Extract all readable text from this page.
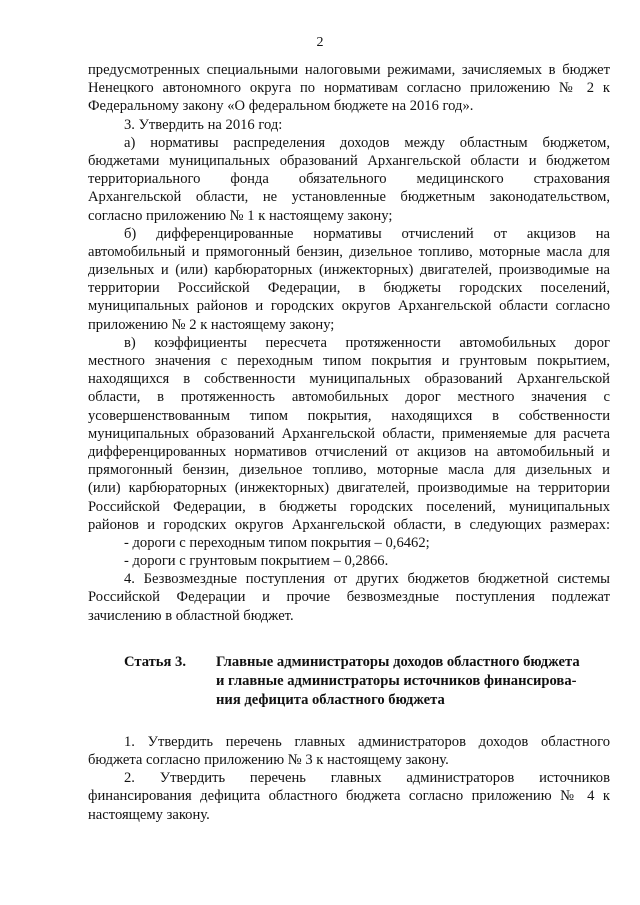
2
предусмотренных специальными налоговыми режимами, зачисляемых в бюджет
Ненецкого автономного округа по нормативам согласно приложению № 2 к
Федеральному закону «О федеральном бюджете на 2016 год».
3. Утвердить на 2016 год:
а) нормативы распределения доходов между областным бюджетом,
бюджетами муниципальных образований Архангельской области и бюджетом
территориального фонда обязательного медицинского страхования
Архангельской области, не установленные бюджетным законодательством,
согласно приложению № 1 к настоящему закону;
б) дифференцированные нормативы отчислений от акцизов на
автомобильный и прямогонный бензин, дизельное топливо, моторные масла для
дизельных и (или) карбюраторных (инжекторных) двигателей, производимые на
территории Российской Федерации, в бюджеты городских поселений,
муниципальных районов и городских округов Архангельской области согласно
приложению № 2 к настоящему закону;
в) коэффициенты пересчета протяженности автомобильных дорог
местного значения с переходным типом покрытия и грунтовым покрытием,
находящихся в собственности муниципальных образований Архангельской
области, в протяженность автомобильных дорог местного значения с
усовершенствованным типом покрытия, находящихся в собственности
муниципальных образований Архангельской области, применяемые для расчета
дифференцированных нормативов отчислений от акцизов на автомобильный и
прямогонный бензин, дизельное топливо, моторные масла для дизельных и
(или) карбюраторных (инжекторных) двигателей, производимые на территории
Российской Федерации, в бюджеты городских поселений, муниципальных
районов и городских округов Архангельской области, в следующих размерах:
- дороги с переходным типом покрытия – 0,6462;
- дороги с грунтовым покрытием – 0,2866.
4. Безвозмездные поступления от других бюджетов бюджетной системы
Российской Федерации и прочие безвозмездные поступления подлежат
зачислению в областной бюджет.
Статья 3. Главные администраторы доходов областного бюджета
и главные администраторы источников финансирова-
ния дефицита областного бюджета
1. Утвердить перечень главных администраторов доходов областного
бюджета согласно приложению № 3 к настоящему закону.
2. Утвердить перечень главных администраторов источников
финансирования дефицита областного бюджета согласно приложению № 4 к
настоящему закону.
